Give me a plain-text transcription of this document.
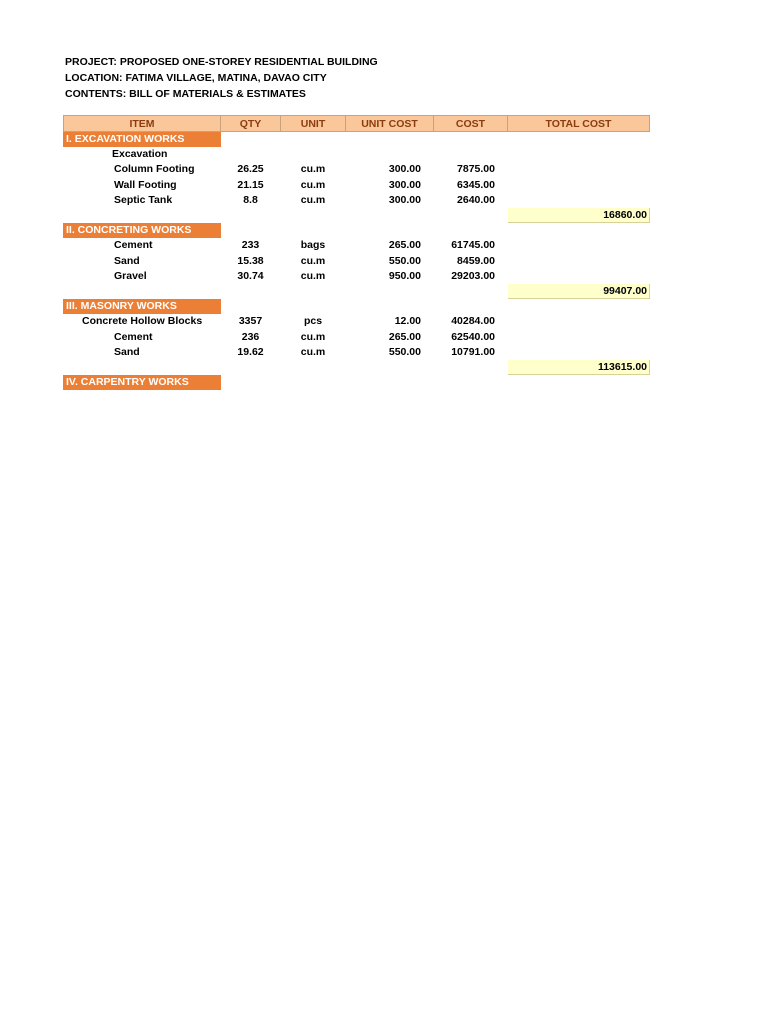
PROJECT: PROPOSED ONE-STOREY RESIDENTIAL BUILDING
LOCATION: FATIMA VILLAGE, MATINA, DAVAO CITY
CONTENTS: BILL OF MATERIALS & ESTIMATES
ITEM	QTY	UNIT	UNIT COST	COST	TOTAL COST
I. EXCAVATION WORKS					
Excavation					
Column Footing	26.25	cu.m	300.00	7875.00	
Wall Footing	21.15	cu.m	300.00	6345.00	
Septic Tank	8.8	cu.m	300.00	2640.00	
					16860.00
II. CONCRETING WORKS					
Cement	233	bags	265.00	61745.00	
Sand	15.38	cu.m	550.00	8459.00	
Gravel	30.74	cu.m	950.00	29203.00	
					99407.00
III. MASONRY WORKS					
Concrete Hollow Blocks	3357	pcs	12.00	40284.00	
Cement	236	cu.m	265.00	62540.00	
Sand	19.62	cu.m	550.00	10791.00	
					113615.00
IV. CARPENTRY WORKS					
